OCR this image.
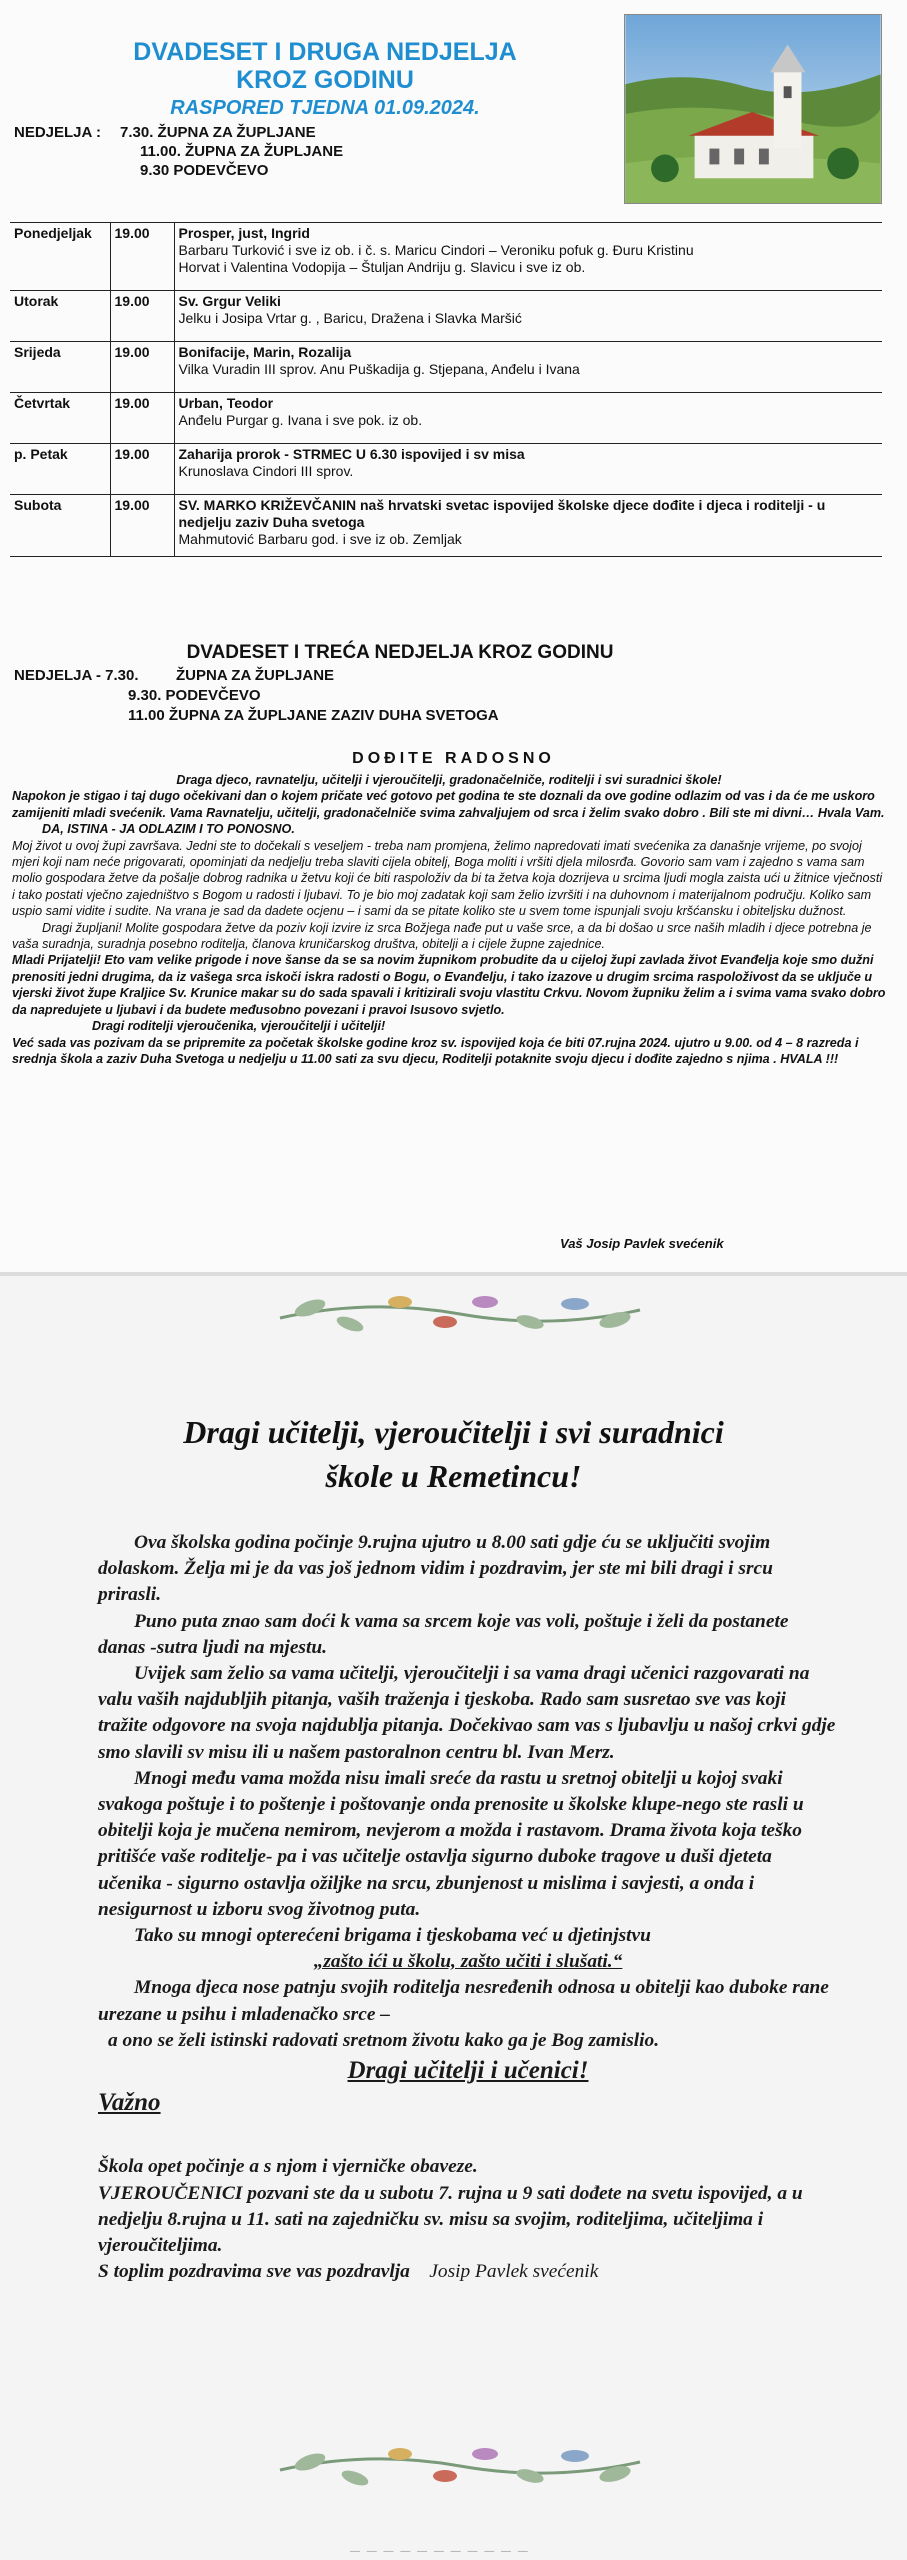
DVADESET I DRUGA NEDJELJA
KROZ GODINU
RASPORED TJEDNA 01.09.2024.
NEDJELJA : 7.30. ŽUPNA ZA ŽUPLJANE
11.00. ŽUPNA ZA ŽUPLJANE
9.30 PODEVČEVO

Ponedjeljak	19.00	Prosper, just, Ingrid
Barbaru Turković i sve iz ob. i č. s. Maricu Cindori – Veroniku pofuk g. Đuru Kristinu
Horvat i Valentina Vodopija – Štuljan Andriju g. Slavicu i sve iz ob.

Utorak	19.00	Sv. Grgur Veliki
Jelku i Josipa Vrtar g. , Baricu, Dražena i Slavka Maršić

Srijeda	19.00	Bonifacije, Marin, Rozalija
Vilka Vuradin III sprov. Anu Puškadija g. Stjepana, Anđelu i Ivana

Četvrtak	19.00	Urban, Teodor
Anđelu Purgar g. Ivana i sve pok. iz ob.

p. Petak	19.00	Zaharija prorok - STRMEC U 6.30 ispovijed i sv misa
Krunoslava Cindori III sprov.

Subota	19.00	SV. MARKO KRIŽEVČANIN naš hrvatski svetac ispovijed školske djece dođite i djeca i roditelji - u nedjelju zaziv Duha svetoga
Mahmutović Barbaru god. i sve iz ob. Zemljak
DVADESET I TREĆA NEDJELJA KROZ GODINU
NEDJELJA - 7.30.	ŽUPNA ZA ŽUPLJANE
9.30. PODEVČEVO
11.00 ŽUPNA ZA ŽUPLJANE ZAZIV DUHA SVETOGA
DOĐITE RADOSNO

Draga djeco, ravnatelju, učitelji i vjeroučitelji, gradonačelniče, roditelji i svi suradnici škole!

Napokon je stigao i taj dugo očekivani dan o kojem pričate već gotovo pet godina te ste doznali da ove godine odlazim od vas i da će me uskoro zamijeniti mladi svećenik. Vama Ravnatelju, učitelji, gradonačelniče svima zahvaljujem od srca i želim svako dobro . Bili ste mi divni… Hvala Vam.

DA, ISTINA - JA ODLAZIM I TO PONOSNO.

Moj život u ovoj župi završava. Jedni ste to dočekali s veseljem - treba nam promjena, želimo napredovati imati svećenika za današnje vrijeme, po svojoj mjeri koji nam neće prigovarati, opominjati da nedjelju treba slaviti cijela obitelj, Boga moliti i vršiti djela milosrđa. Govorio sam vam i zajedno s vama sam molio gospodara žetve da pošalje dobrog radnika u žetvu koji će biti raspoloživ da bi ta žetva koja dozrijeva u srcima ljudi mogla zaista ući u žitnice vječnosti i tako postati vječno zajedništvo s Bogom u radosti i ljubavi. To je bio moj zadatak koji sam želio izvršiti i na duhovnom i materijalnom području. Koliko sam uspio sami vidite i sudite. Na vrana je sad da dadete ocjenu – i sami da se pitate koliko ste u svem tome ispunjali svoju kršćansku i obiteljsku dužnost.

Dragi župljani! Molite gospodara žetve da poziv koji izvire iz srca Božjega nađe put u vaše srce, a da bi došao u srce naših mladih i djece potrebna je vaša suradnja, suradnja posebno roditelja, članova kruničarskog društva, obitelji a i cijele župne zajednice.

Mladi Prijatelji! Eto vam velike prigode i nove šanse da se sa novim župnikom probudite da u cijeloj župi zavlada život Evanđelja koje smo dužni prenositi jedni drugima, da iz vašega srca iskoči iskra radosti o Bogu, o Evanđelju, i tako izazove u drugim srcima raspoloživost da se uključe u vjerski život župe Kraljice Sv. Krunice makar su do sada spavali i kritizirali svoju vlastitu Crkvu. Novom župniku želim a i svima vama svako dobro da napredujete u ljubavi i da budete međusobno povezani i pravoi Isusovo svjetlo.

Dragi roditelji vjeroučenika, vjeroučitelji i učitelji!

Već sada vas pozivam da se pripremite za početak školske godine kroz sv. ispovijed koja će biti 07.rujna 2024. ujutro u 9.00. od 4 – 8 razreda i srednja škola a zaziv Duha Svetoga u nedjelju u 11.00 sati za svu djecu, Roditelji potaknite svoju djecu i dođite zajedno s njima . HVALA !!!

Vaš Josip Pavlek svećenik
Dragi učitelji, vjeroučitelji i svi suradnici
škole u Remetincu!

Ova školska godina počinje 9.rujna ujutro u 8.00 sati gdje ću se uključiti svojim dolaskom. Želja mi je da vas još jednom vidim i pozdravim, jer ste mi bili dragi i srcu prirasli.

Puno puta znao sam doći k vama sa srcem koje vas voli, poštuje i želi da postanete danas -sutra ljudi na mjestu.

Uvijek sam želio sa vama učitelji, vjeroučitelji i sa vama dragi učenici razgovarati na valu vaših najdubljih pitanja, vaših traženja i tjeskoba. Rado sam susretao sve vas koji tražite odgovore na svoja najdublja pitanja. Dočekivao sam vas s ljubavlju u našoj crkvi gdje smo slavili sv misu ili u našem pastoralnon centru bl. Ivan Merz.

Mnogi među vama možda nisu imali sreće da rastu u sretnoj obitelji u kojoj svaki svakoga poštuje i to poštenje i poštovanje onda prenosite u školske klupe-nego ste rasli u obitelji koja je mučena nemirom, nevjerom a možda i rastavom. Drama života koja teško pritišće vaše roditelje- pa i vas učitelje ostavlja sigurno duboke tragove u duši djeteta učenika - sigurno ostavlja ožiljke na srcu, zbunjenost u mislima i savjesti, a onda i nesigurnost u izboru svog životnog puta.

Tako su mnogi opterećeni brigama i tjeskobama već u djetinjstvu

„zašto ići u školu, zašto učiti i slušati.“

Mnoga djeca nose patnju svojih roditelja nesređenih odnosa u obitelji kao duboke rane urezane u psihu i mladenačko srce –

a ono se želi istinski radovati sretnom životu kako ga je Bog zamislio.

Dragi učitelji i učenici!

Važno

Škola opet počinje a s njom i vjerničke obaveze.

VJEROUČENICI pozvani ste da u subotu 7. rujna u 9 sati dođete na svetu ispovijed, a u nedjelju 8.rujna u 11. sati na zajedničku sv. misu sa svojim, roditeljima, učiteljima i vjeroučiteljima.

S toplim pozdravima sve vas pozdravlja Josip Pavlek svećenik

— — — — — — — — — — —
